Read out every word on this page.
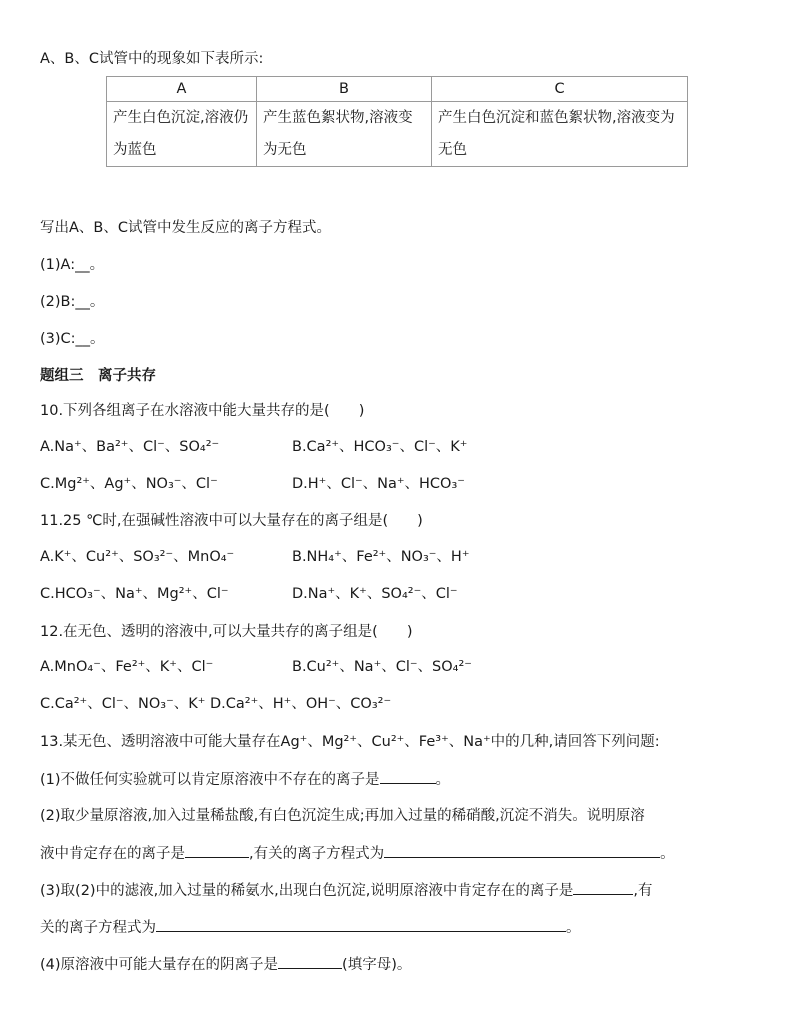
A、B、C试管中的现象如下表所示:
A	B	C
产生白色沉淀,溶液仍为蓝色	产生蓝色絮状物,溶液变为无色	产生白色沉淀和蓝色絮状物,溶液变为无色
写出A、B、C试管中发生反应的离子方程式。
(1)A:__。
(2)B:__。
(3)C:__。
题组三　离子共存
10.下列各组离子在水溶液中能大量共存的是(　　)
A.Na⁺、Ba²⁺、Cl⁻、SO₄²⁻	B.Ca²⁺、HCO₃⁻、Cl⁻、K⁺
C.Mg²⁺、Ag⁺、NO₃⁻、Cl⁻	D.H⁺、Cl⁻、Na⁺、HCO₃⁻
11.25 ℃时,在强碱性溶液中可以大量存在的离子组是(　　)
A.K⁺、Cu²⁺、SO₃²⁻、MnO₄⁻	B.NH₄⁺、Fe²⁺、NO₃⁻、H⁺
C.HCO₃⁻、Na⁺、Mg²⁺、Cl⁻	D.Na⁺、K⁺、SO₄²⁻、Cl⁻
12.在无色、透明的溶液中,可以大量共存的离子组是(　　)
A.MnO₄⁻、Fe²⁺、K⁺、Cl⁻	B.Cu²⁺、Na⁺、Cl⁻、SO₄²⁻
C.Ca²⁺、Cl⁻、NO₃⁻、K⁺ D.Ca²⁺、H⁺、OH⁻、CO₃²⁻
13.某无色、透明溶液中可能大量存在Ag⁺、Mg²⁺、Cu²⁺、Fe³⁺、Na⁺中的几种,请回答下列问题:
(1)不做任何实验就可以肯定原溶液中不存在的离子是	。
(2)取少量原溶液,加入过量稀盐酸,有白色沉淀生成;再加入过量的稀硝酸,沉淀不消失。说明原溶
液中肯定存在的离子是	,有关的离子方程式为	。
(3)取(2)中的滤液,加入过量的稀氨水,出现白色沉淀,说明原溶液中肯定存在的离子是	,有
关的离子方程式为	。
(4)原溶液中可能大量存在的阴离子是	(填字母)。
